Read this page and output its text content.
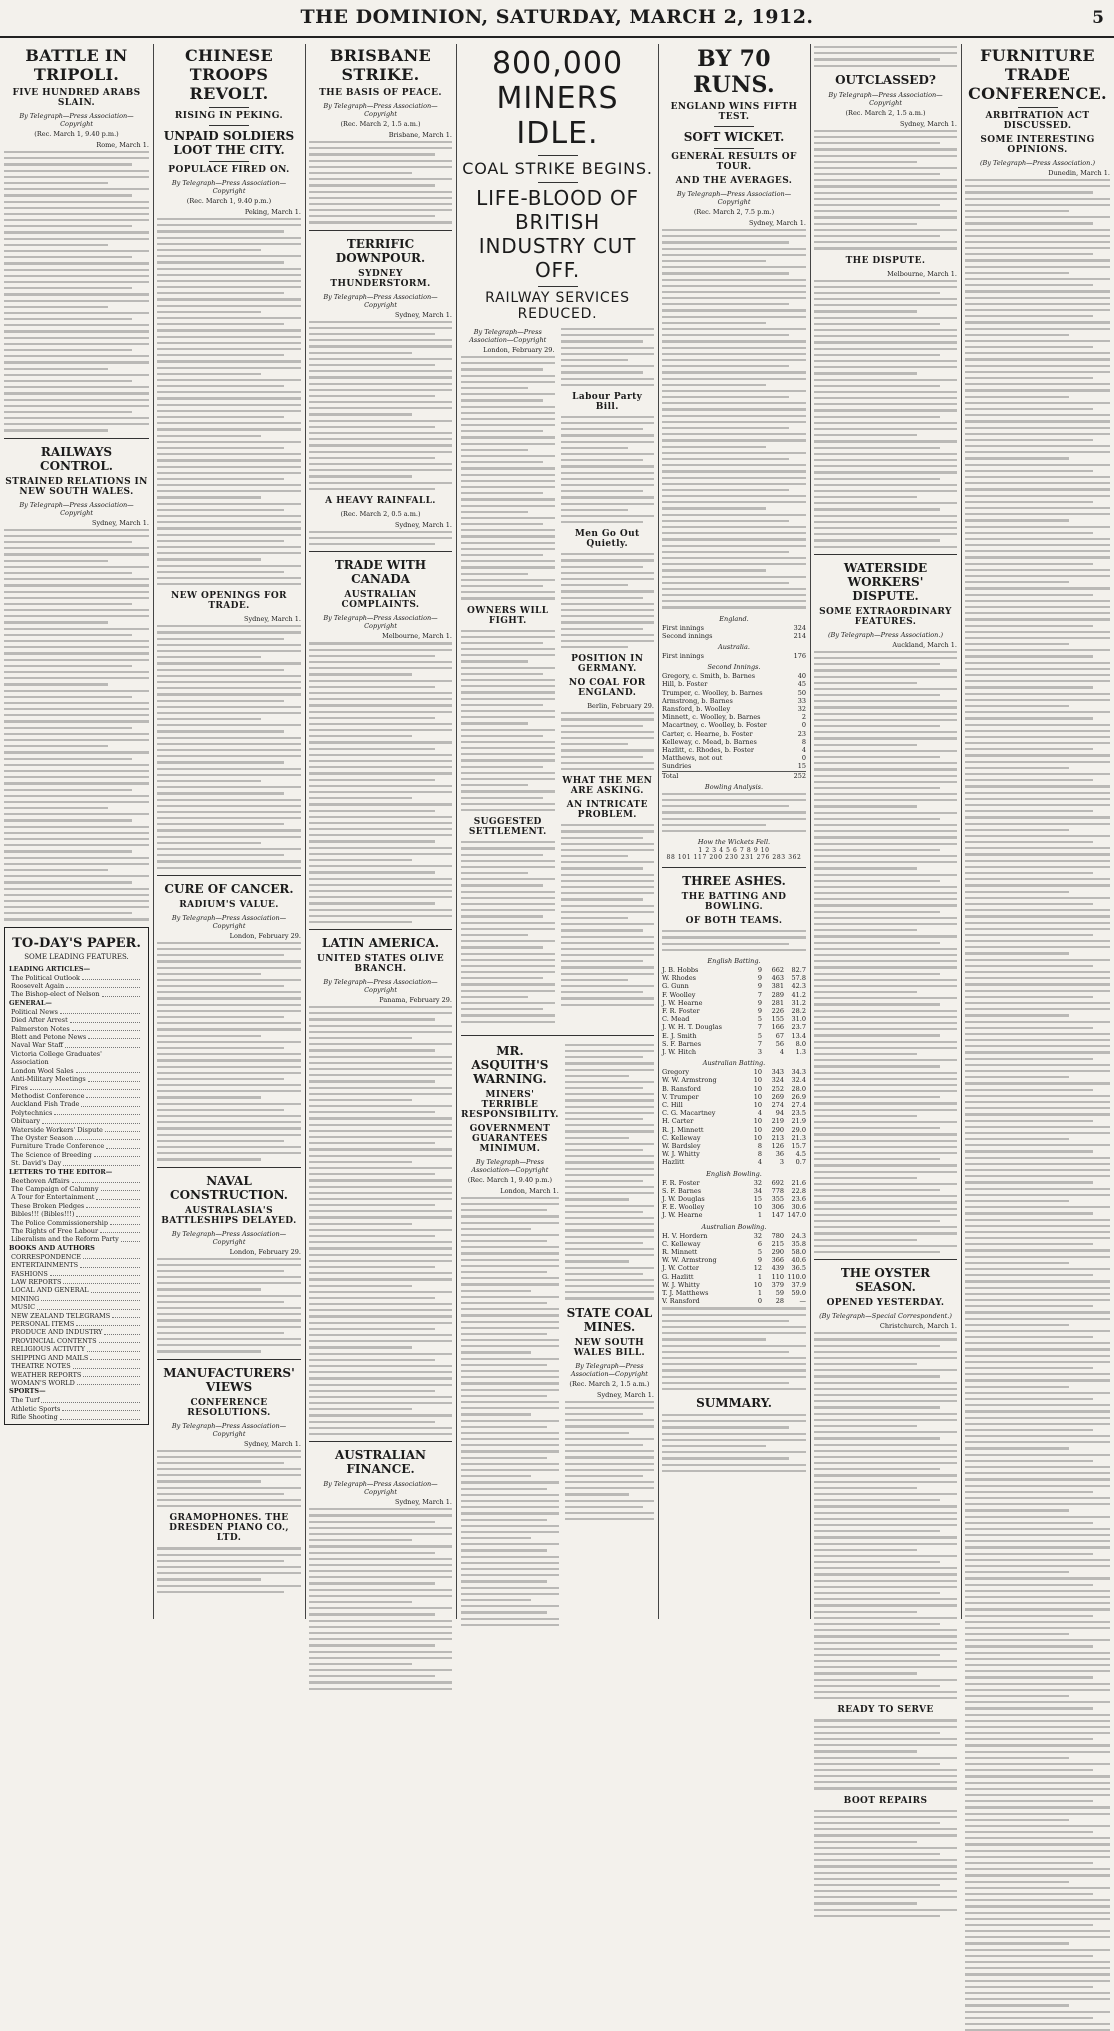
THE DOMINION, SATURDAY, MARCH 2, 1912.	5
BATTLE IN TRIPOLI.
FIVE HUNDRED ARABS SLAIN.
By Telegraph—Press Association—Copyright
(Rec. March 1, 9.40 p.m.)
Rome, March 1.
RAILWAYS CONTROL.
STRAINED RELATIONS IN NEW SOUTH WALES.
By Telegraph—Press Association—Copyright
Sydney, March 1.
TO-DAY'S PAPER.
SOME LEADING FEATURES.
LEADING ARTICLES—
The Political Outlook
Roosevelt Again
The Bishop-elect of Nelson
GENERAL—
Political News
Died After Arrest
Palmerston Notes
Blett and Petone News
Naval War Staff
Victoria College Graduates' Association
London Wool Sales
Anti-Military Meetings
Fires
Methodist Conference
Auckland Fish Trade
Polytechnics
Obituary
Waterside Workers' Dispute
The Oyster Season
Furniture Trade Conference
The Science of Breeding
St. David's Day
LETTERS TO THE EDITOR—
Beethoven Affairs
The Campaign of Calumny
A Tour for Entertainment
These Broken Pledges
Bibles!!! (Bibles!!!)
The Police Commissionership
The Rights of Free Labour
Liberalism and the Reform Party
BOOKS AND AUTHORS
CORRESPONDENCE
ENTERTAINMENTS
FASHIONS
LAW REPORTS
LOCAL AND GENERAL
MINING
MUSIC
NEW ZEALAND TELEGRAMS
PERSONAL ITEMS
PRODUCE AND INDUSTRY
PROVINCIAL CONTENTS
RELIGIOUS ACTIVITY
SHIPPING AND MAILS
THEATRE NOTES
WEATHER REPORTS
WOMAN'S WORLD
SPORTS—
The Turf
Athletic Sports
Rifle Shooting
CHINESE TROOPS REVOLT.
RISING IN PEKING.
UNPAID SOLDIERS LOOT THE CITY.
POPULACE FIRED ON.
By Telegraph—Press Association—Copyright
(Rec. March 1, 9.40 p.m.)
Peking, March 1.
NEW OPENINGS FOR TRADE.
Sydney, March 1.
CURE OF CANCER.
RADIUM'S VALUE.
By Telegraph—Press Association—Copyright
London, February 29.
NAVAL CONSTRUCTION.
AUSTRALASIA'S BATTLESHIPS DELAYED.
By Telegraph—Press Association—Copyright
London, February 29.
MANUFACTURERS' VIEWS
CONFERENCE RESOLUTIONS.
By Telegraph—Press Association—Copyright
Sydney, March 1.
GRAMOPHONES. THE DRESDEN PIANO CO., LTD.
BRISBANE STRIKE.
THE BASIS OF PEACE.
By Telegraph—Press Association—Copyright
(Rec. March 2, 1.5 a.m.)
Brisbane, March 1.
TERRIFIC DOWNPOUR.
SYDNEY THUNDERSTORM.
By Telegraph—Press Association—Copyright
Sydney, March 1.
A HEAVY RAINFALL.
(Rec. March 2, 0.5 a.m.)
Sydney, March 1.
TRADE WITH CANADA
AUSTRALIAN COMPLAINTS.
By Telegraph—Press Association—Copyright
Melbourne, March 1.
LATIN AMERICA.
UNITED STATES OLIVE BRANCH.
By Telegraph—Press Association—Copyright
Panama, February 29.
AUSTRALIAN FINANCE.
By Telegraph—Press Association—Copyright
Sydney, March 1.
800,000 MINERS IDLE.
COAL STRIKE BEGINS.
LIFE-BLOOD OF BRITISH INDUSTRY CUT OFF.
RAILWAY SERVICES REDUCED.
By Telegraph—Press Association—Copyright
London, February 29.
OWNERS WILL FIGHT.
SUGGESTED SETTLEMENT.
Labour Party Bill.
Men Go Out Quietly.
POSITION IN GERMANY.
NO COAL FOR ENGLAND.
Berlin, February 29.
WHAT THE MEN ARE ASKING.
AN INTRICATE PROBLEM.
MR. ASQUITH'S WARNING.
MINERS' TERRIBLE RESPONSIBILITY.
GOVERNMENT GUARANTEES MINIMUM.
By Telegraph—Press Association—Copyright
(Rec. March 1, 9.40 p.m.)
London, March 1.
STATE COAL MINES.
NEW SOUTH WALES BILL.
By Telegraph—Press Association—Copyright
(Rec. March 2, 1.5 a.m.)
Sydney, March 1.
BY 70 RUNS.
ENGLAND WINS FIFTH TEST.
SOFT WICKET.
GENERAL RESULTS OF TOUR.
AND THE AVERAGES.
By Telegraph—Press Association—Copyright
(Rec. March 2, 7.5 p.m.)
Sydney, March 1.
England.
First innings	324
Second innings	214
Australia.
First innings	176
Second Innings.
Gregory, c. Smith, b. Barnes	40
Hill, b. Foster	45
Trumper, c. Woolley, b. Barnes	50
Armstrong, b. Barnes	33
Ransford, b. Woolley	32
Minnett, c. Woolley, b. Barnes	2
Macartney, c. Woolley, b. Foster	0
Carter, c. Hearne, b. Foster	23
Kelleway, c. Mead, b. Barnes	8
Hazlitt, c. Rhodes, b. Foster	4
Matthews, not out	0
Sundries	15
Total	252
Bowling Analysis.
How the Wickets Fell.
1 2 3 4 5 6 7 8 9 10
88 101 117 200 230 231 276 283 362
THREE ASHES.
THE BATTING AND BOWLING.
OF BOTH TEAMS.
English Batting.
J. B. Hobbs	9	662	82.7
W. Rhodes	9	463	57.8
G. Gunn	9	381	42.3
F. Woolley	7	289	41.2
J. W. Hearne	9	281	31.2
F. R. Foster	9	226	28.2
C. Mead	5	155	31.0
J. W. H. T. Douglas	7	166	23.7
E. J. Smith	5	67	13.4
S. F. Barnes	7	56	8.0
J. W. Hitch	3	4	1.3
Australian Batting.
Gregory	10	343	34.3
W. W. Armstrong	10	324	32.4
B. Ransford	10	252	28.0
V. Trumper	10	269	26.9
C. Hill	10	274	27.4
C. G. Macartney	4	94	23.5
H. Carter	10	219	21.9
R. J. Minnett	10	290	29.0
C. Kelleway	10	213	21.3
W. Bardsley	8	126	15.7
W. J. Whitty	8	36	4.5
Hazlitt	4	3	0.7
English Bowling.
F. R. Foster	32	692	21.6
S. F. Barnes	34	778	22.8
J. W. Douglas	15	355	23.6
F. E. Woolley	10	306	30.6
J. W. Hearne	1	147 147.0
Australian Bowling.
H. V. Hordern	32	780	24.3
C. Kelleway	6	215	35.8
R. Minnett	5	290	58.0
W. W. Armstrong	9	366	40.6
J. W. Cotter	12	439	36.5
G. Hazlitt	1	110 110.0
W. J. Whitty	10	379	37.9
T. J. Matthews	1	59	59.0
V. Ransford	0	28	—
SUMMARY.
OUTCLASSED?
By Telegraph—Press Association—Copyright
(Rec. March 2, 1.5 a.m.)
Sydney, March 1.
THE DISPUTE.
Melbourne, March 1.
WATERSIDE WORKERS' DISPUTE.
SOME EXTRAORDINARY FEATURES.
(By Telegraph—Press Association.)
Auckland, March 1.
THE OYSTER SEASON.
OPENED YESTERDAY.
(By Telegraph—Special Correspondent.)
Christchurch, March 1.
READY TO SERVE
BOOT REPAIRS
FURNITURE TRADE CONFERENCE.
ARBITRATION ACT DISCUSSED.
SOME INTERESTING OPINIONS.
(By Telegraph—Press Association.)
Dunedin, March 1.
